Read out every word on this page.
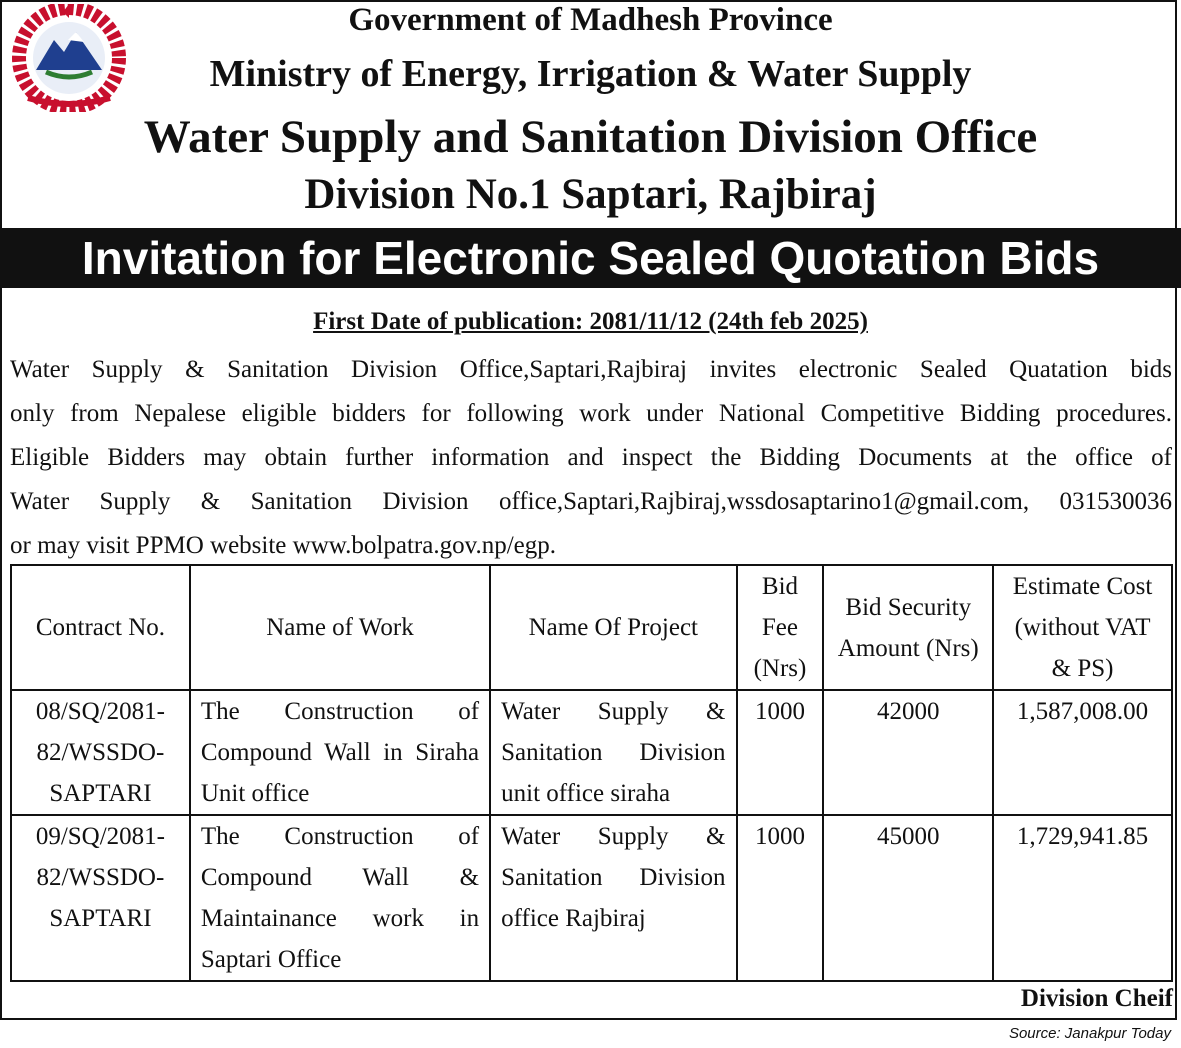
Government of Madhesh Province
Ministry of Energy, Irrigation & Water Supply
Water Supply and Sanitation Division Office
Division No.1 Saptari, Rajbiraj
Invitation for Electronic Sealed Quotation Bids
First Date of publication: 2081/11/12 (24th feb 2025)
Water Supply & Sanitation Division Office,Saptari,Rajbiraj invites electronic Sealed Quatation bids
only from Nepalese eligible bidders for following work under National Competitive Bidding procedures.
Eligible Bidders may obtain further information and inspect the Bidding Documents at the office of
Water Supply & Sanitation Division office,Saptari,Rajbiraj,wssdosaptarino1@gmail.com, 031530036
or may visit PPMO website www.bolpatra.gov.np/egp.
Contract No.	Name of Work	Name Of Project	Bid Fee (Nrs)	Bid Security Amount (Nrs)	Estimate Cost (without VAT & PS)
08/SQ/2081-82/WSSDO-SAPTARI	The Construction of Compound Wall in Siraha Unit office	Water Supply & Sanitation Division unit office siraha	1000	42000	1,587,008.00
09/SQ/2081-82/WSSDO-SAPTARI	The Construction of Compound Wall & Maintainance work in Saptari Office	Water Supply & Sanitation Division office Rajbiraj	1000	45000	1,729,941.85
Division Cheif
Source: Janakpur Today
